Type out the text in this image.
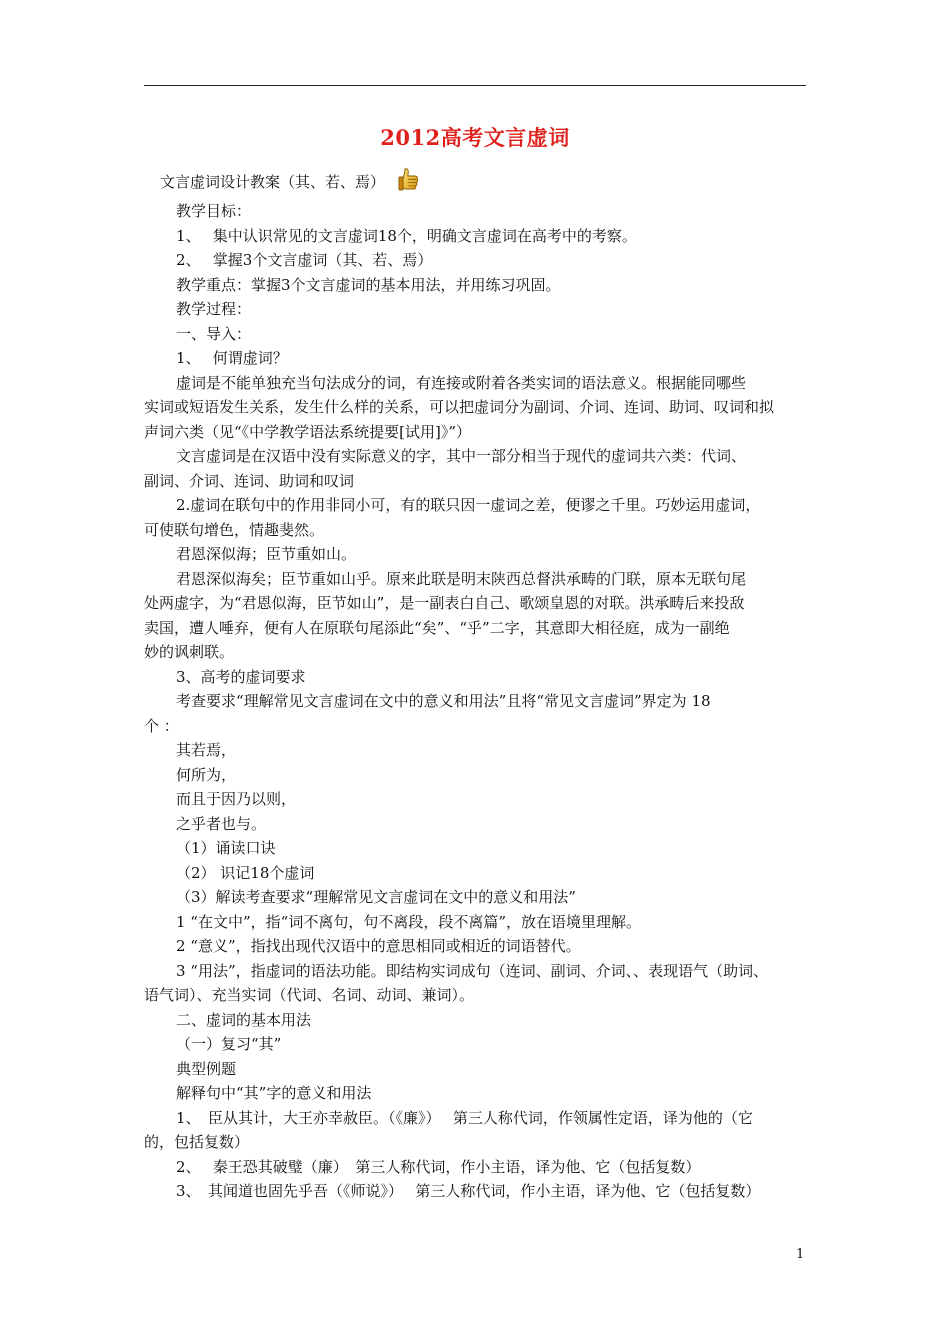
2012高考文言虚词
文言虚词设计教案（其、若、焉）
教学目标：
1、　 集中认识常见的文言虚词18个，明确文言虚词在高考中的考察。
2、　 掌握3个文言虚词（其、若、焉）
教学重点：掌握3个文言虚词的基本用法，并用练习巩固。
教学过程：
一、导入：
1、　 何谓虚词？
虚词是不能单独充当句法成分的词，有连接或附着各类实词的语法意义。根据能同哪些
实词或短语发生关系，发生什么样的关系，可以把虚词分为副词、介词、连词、助词、叹词和拟
声词六类（见“《中学教学语法系统提要[试用]》”）
文言虚词是在汉语中没有实际意义的字，其中一部分相当于现代的虚词共六类：代词、
副词、介词、连词、助词和叹词
2.虚词在联句中的作用非同小可，有的联只因一虚词之差，便谬之千里。巧妙运用虚词，
可使联句增色，情趣斐然。
君恩深似海；臣节重如山。
君恩深似海矣；臣节重如山乎。原来此联是明末陕西总督洪承畴的门联，原本无联句尾
处两虚字，为“君恩似海，臣节如山”，是一副表白自己、歌颂皇恩的对联。洪承畴后来投敌
卖国，遭人唾弃，便有人在原联句尾添此“矣”、“乎”二字，其意即大相径庭，成为一副绝
妙的讽刺联。
3、高考的虚词要求
考查要求“理解常见文言虚词在文中的意义和用法”且将“常见文言虚词”界定为 18
个 ：
其若焉，
何所为，
而且于因乃以则，
之乎者也与。
（1）诵读口诀
（2） 识记18个虚词
（3）解读考查要求“理解常见文言虚词在文中的意义和用法”
1 “在文中”，指“词不离句，句不离段，段不离篇”，放在语境里理解。
2 “意义”，指找出现代汉语中的意思相同或相近的词语替代。
3 “用法”，指虚词的语法功能。即结构实词成句（连词、副词、介词、、表现语气（助词、
语气词）、充当实词（代词、名词、动词、兼词）。
二、虚词的基本用法
（一）复习“其”
典型例题
解释句中“其”字的意义和用法
1、　臣从其计，大王亦幸赦臣。（《廉》）　 第三人称代词，作领属性定语，译为他的（它
的，包括复数）
2、　 秦王恐其破璧（廉）　第三人称代词，作小主语，译为他、它（包括复数）
3、　其闻道也固先乎吾（《师说》）　 第三人称代词，作小主语，译为他、它（包括复数）
1
